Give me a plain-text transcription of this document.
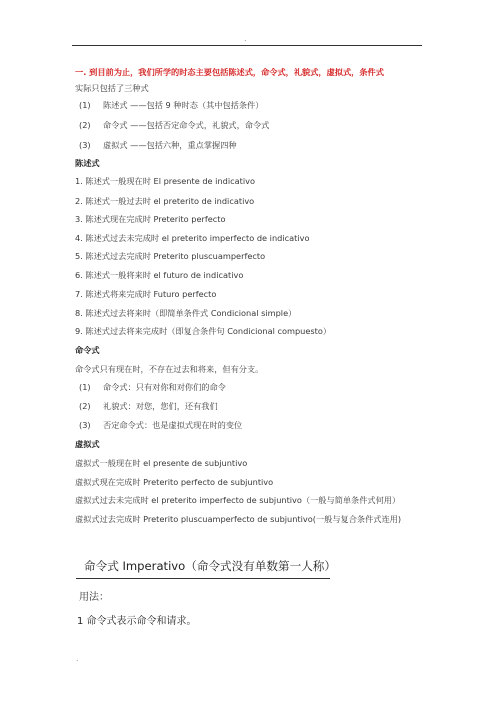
.
一. 到目前为止，我们所学的时态主要包括陈述式，命令式，礼貌式，虚拟式，条件式
实际只包括了三种式
(1) 陈述式 ——包括 9 种时态（其中包括条件）
(2) 命令式 ——包括否定命令式，礼貌式，命令式
(3) 虚拟式 ——包括六种，重点掌握四种
陈述式
1. 陈述式一般现在时 El presente de indicativo
2. 陈述式一般过去时 el preterito de indicativo
3. 陈述式现在完成时 Preterito perfecto
4. 陈述式过去未完成时 el preterito imperfecto de indicativo
5. 陈述式过去完成时 Preterito pluscuamperfecto
6. 陈述式一般将来时 el futuro de indicativo
7. 陈述式将来完成时 Futuro perfecto
8. 陈述式过去将来时（即简单条件式 Condicional simple）
9. 陈述式过去将来完成时（即复合条件句 Condicional compuesto）
命令式
命令式只有现在时，不存在过去和将来，但有分支。
(1) 命令式：只有对你和对你们的命令
(2) 礼貌式：对您，您们，还有我们
(3) 否定命令式：也是虚拟式现在时的变位
虚拟式
虚拟式一般现在时 el presente de subjuntivo
虚拟式现在完成时 Preterito perfecto de subjuntivo
虚拟式过去未完成时 el preterito imperfecto de subjuntivo（一般与简单条件式何用）
虚拟式过去完成时 Preterito pluscuamperfecto de subjuntivo(一般与复合条件式连用)
命令式 Imperativo（命令式没有单数第一人称）
用法：
1 命令式表示命令和请求。
.
